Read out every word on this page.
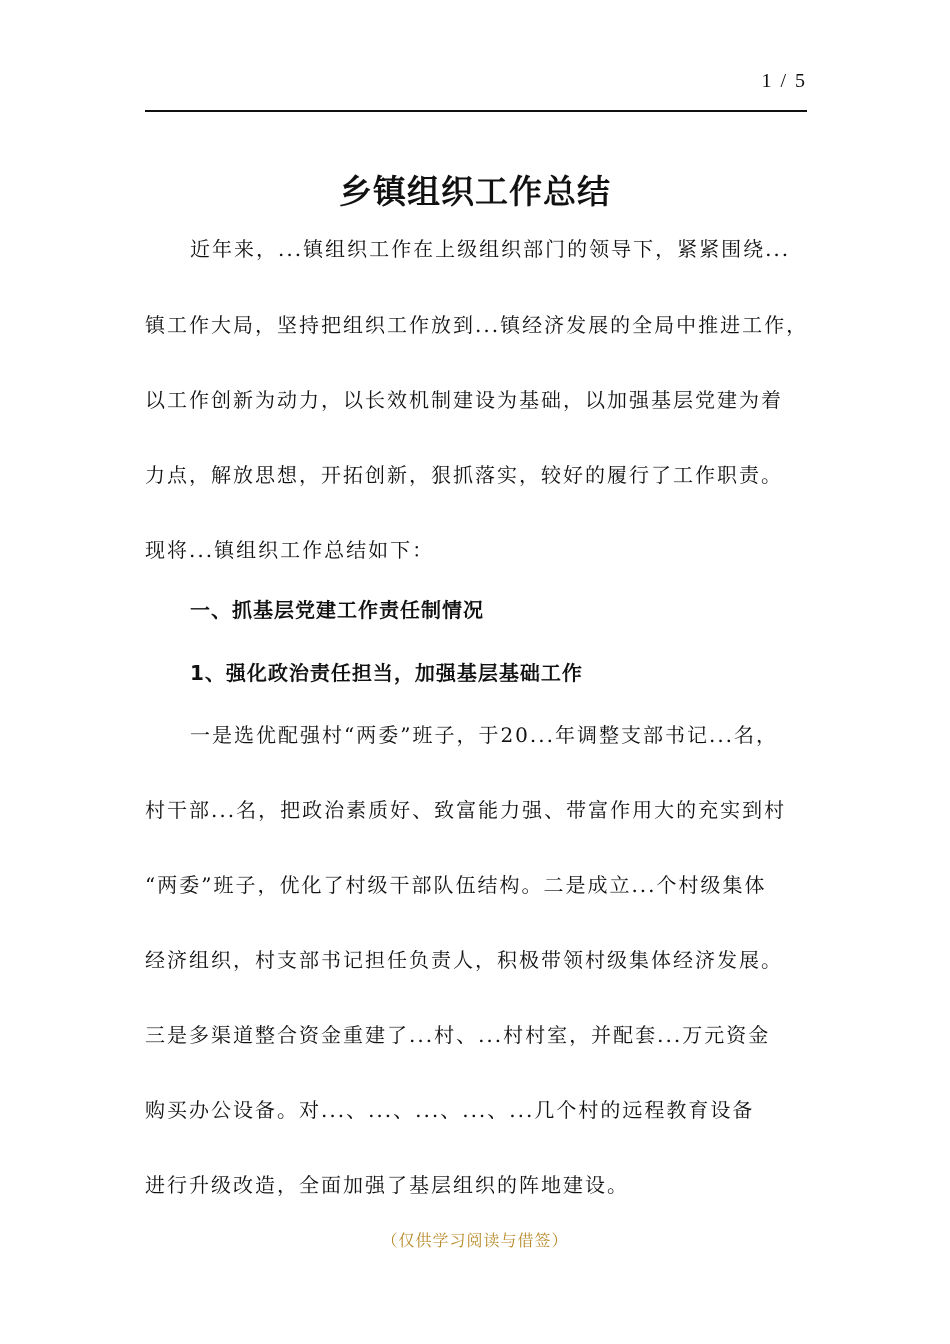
1 / 5
乡镇组织工作总结
近年来，...镇组织工作在上级组织部门的领导下，紧紧围绕...
镇工作大局，坚持把组织工作放到...镇经济发展的全局中推进工作，
以工作创新为动力，以长效机制建设为基础，以加强基层党建为着
力点，解放思想，开拓创新，狠抓落实，较好的履行了工作职责。
现将...镇组织工作总结如下：
一、抓基层党建工作责任制情况
1、强化政治责任担当，加强基层基础工作
一是选优配强村“两委”班子，于20...年调整支部书记...名，
村干部...名，把政治素质好、致富能力强、带富作用大的充实到村
“两委”班子，优化了村级干部队伍结构。二是成立...个村级集体
经济组织，村支部书记担任负责人，积极带领村级集体经济发展。
三是多渠道整合资金重建了...村、...村村室，并配套...万元资金
购买办公设备。对...、...、...、...、...几个村的远程教育设备
进行升级改造，全面加强了基层组织的阵地建设。
（仅供学习阅读与借签）
